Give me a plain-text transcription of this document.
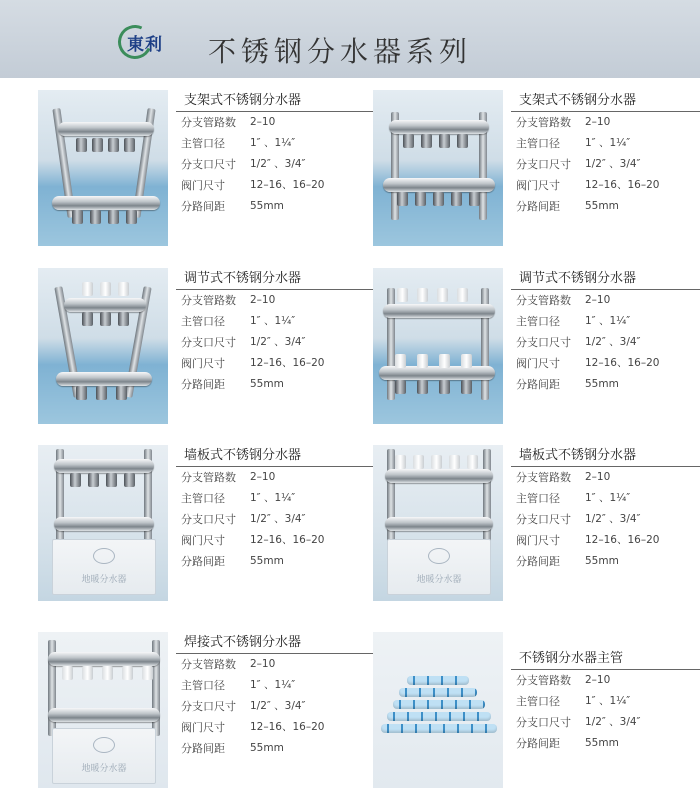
東利 不锈钢分水器系列
支架式不锈钢分水器
分支管路数	2–10
主管口径	1″ 、1¼″
分支口尺寸	1/2″ 、3/4″
阀门尺寸	12–16、16–20
分路间距	55mm
支架式不锈钢分水器
分支管路数	2–10
主管口径	1″ 、1¼″
分支口尺寸	1/2″ 、3/4″
阀门尺寸	12–16、16–20
分路间距	55mm
调节式不锈钢分水器
分支管路数	2–10
主管口径	1″ 、1¼″
分支口尺寸	1/2″ 、3/4″
阀门尺寸	12–16、16–20
分路间距	55mm
调节式不锈钢分水器
分支管路数	2–10
主管口径	1″ 、1¼″
分支口尺寸	1/2″ 、3/4″
阀门尺寸	12–16、16–20
分路间距	55mm
地暖分水器
墙板式不锈钢分水器
分支管路数	2–10
主管口径	1″ 、1¼″
分支口尺寸	1/2″ 、3/4″
阀门尺寸	12–16、16–20
分路间距	55mm
地暖分水器
墙板式不锈钢分水器
分支管路数	2–10
主管口径	1″ 、1¼″
分支口尺寸	1/2″ 、3/4″
阀门尺寸	12–16、16–20
分路间距	55mm
地暖分水器
焊接式不锈钢分水器
分支管路数	2–10
主管口径	1″ 、1¼″
分支口尺寸	1/2″ 、3/4″
阀门尺寸	12–16、16–20
分路间距	55mm
不锈钢分水器主管
分支管路数	2–10
主管口径	1″ 、1¼″
分支口尺寸	1/2″ 、3/4″
分路间距	55mm
